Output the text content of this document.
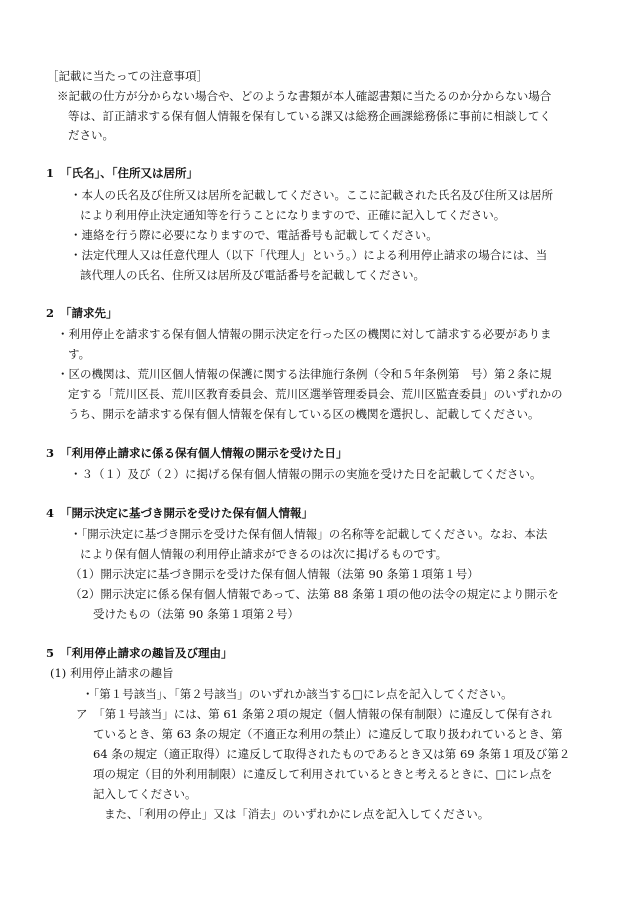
［記載に当たっての注意事項］
※記載の仕方が分からない場合や、どのような書類が本人確認書類に当たるのか分からない場合
等は、訂正請求する保有個人情報を保有している課又は総務企画課総務係に事前に相談してく
ださい。
1 「氏名」、「住所又は居所」
・本人の氏名及び住所又は居所を記載してください。ここに記載された氏名及び住所又は居所
により利用停止決定通知等を行うことになりますので、正確に記入してください。
・連絡を行う際に必要になりますので、電話番号も記載してください。
・法定代理人又は任意代理人（以下「代理人」という。）による利用停止請求の場合には、当
該代理人の氏名、住所又は居所及び電話番号を記載してください。
2 「請求先」
・利用停止を請求する保有個人情報の開示決定を行った区の機関に対して請求する必要がありま
す。
・区の機関は、荒川区個人情報の保護に関する法律施行条例（令和５年条例第　号）第２条に規
定する「荒川区長、荒川区教育委員会、荒川区選挙管理委員会、荒川区監査委員」のいずれかの
うち、開示を請求する保有個人情報を保有している区の機関を選択し、記載してください。
3 「利用停止請求に係る保有個人情報の開示を受けた日」
・３（１）及び（２）に掲げる保有個人情報の開示の実施を受けた日を記載してください。
4 「開示決定に基づき開示を受けた保有個人情報」
・「開示決定に基づき開示を受けた保有個人情報」の名称等を記載してください。なお、本法
により保有個人情報の利用停止請求ができるのは次に掲げるものです。
（1）開示決定に基づき開示を受けた保有個人情報（法第 90 条第１項第１号）
（2）開示決定に係る保有個人情報であって、法第 88 条第１項の他の法令の規定により開示を
受けたもの（法第 90 条第１項第２号）
5 「利用停止請求の趣旨及び理由」
(1) 利用停止請求の趣旨
・「第１号該当」、「第２号該当」のいずれか該当する□にレ点を記入してください。
ア　「第１号該当」には、第 61 条第２項の規定（個人情報の保有制限）に違反して保有され
ているとき、第 63 条の規定（不適正な利用の禁止）に違反して取り扱われているとき、第
64 条の規定（適正取得）に違反して取得されたものであるとき又は第 69 条第１項及び第２
項の規定（目的外利用制限）に違反して利用されているときと考えるときに、□にレ点を
記入してください。
また、「利用の停止」又は「消去」のいずれかにレ点を記入してください。
